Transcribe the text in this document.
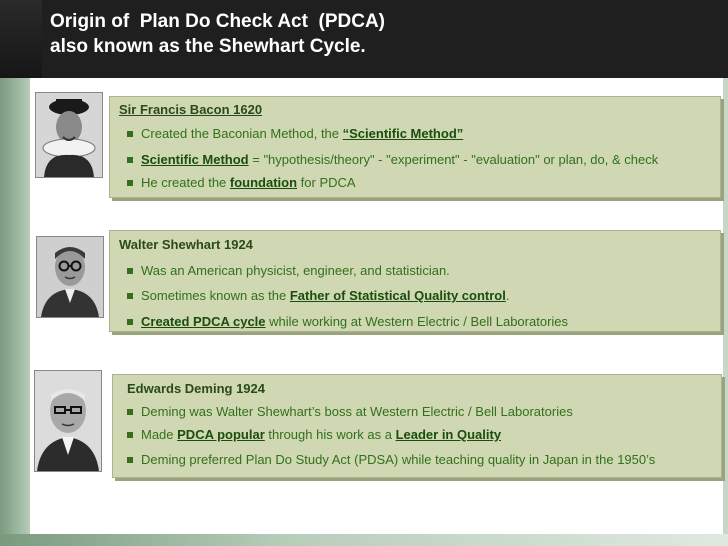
Origin of  Plan Do Check Act  (PDCA)
also known as the Shewhart Cycle.

Sir Francis Bacon 1620

Created the Baconian Method, the “Scientific Method”

Scientific Method = "hypothesis/theory" - "experiment" - "evaluation" or plan, do, & check

He created the foundation for PDCA

Walter Shewhart 1924

Was an American physicist, engineer, and statistician.

Sometimes known as the Father of Statistical Quality control.

Created PDCA cycle while working at Western Electric / Bell Laboratories

Edwards Deming 1924

Deming was Walter Shewhart’s boss at Western Electric / Bell Laboratories

Made PDCA popular through his work as a Leader in Quality

Deming preferred Plan Do Study Act (PDSA) while teaching quality in Japan in the 1950’s
